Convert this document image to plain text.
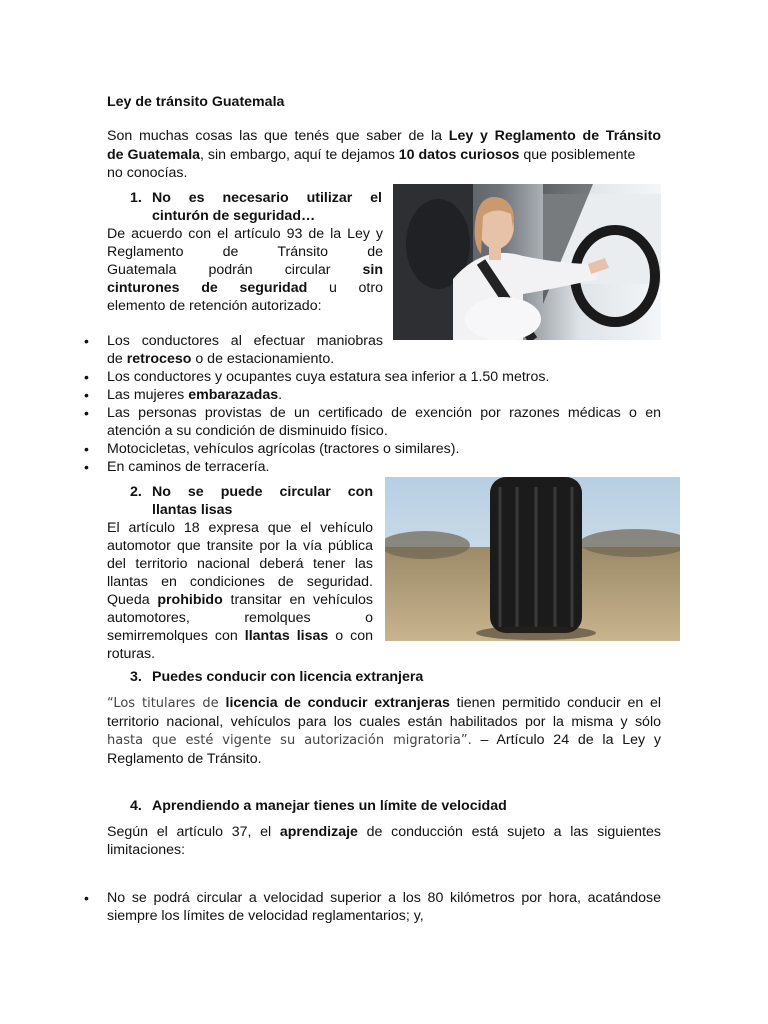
Ley de tránsito Guatemala
Son muchas cosas las que tenés que saber de la Ley y Reglamento de Tránsito
de Guatemala, sin embargo, aquí te dejamos 10 datos curiosos que posiblemente
no conocías.
1. No es necesario utilizar el
cinturón de seguridad…
De acuerdo con el artículo 93 de la Ley y
Reglamento de Tránsito de
Guatemala podrán circular sin
cinturones de seguridad u otro
elemento de retención autorizado:
• Los conductores al efectuar maniobras
de retroceso o de estacionamiento.
• Los conductores y ocupantes cuya estatura sea inferior a 1.50 metros.
• Las mujeres embarazadas.
• Las personas provistas de un certificado de exención por razones médicas o en
atención a su condición de disminuido físico.
• Motocicletas, vehículos agrícolas (tractores o similares).
• En caminos de terracería.
2. No se puede circular con
llantas lisas
El artículo 18 expresa que el vehículo
automotor que transite por la vía pública
del territorio nacional deberá tener las
llantas en condiciones de seguridad.
Queda prohibido transitar en vehículos
automotores, remolques o
semirremolques con llantas lisas o con
roturas.
3. Puedes conducir con licencia extranjera
“Los titulares de licencia de conducir extranjeras tienen permitido conducir en el
territorio nacional, vehículos para los cuales están habilitados por la misma y sólo
hasta que esté vigente su autorización migratoria”. – Artículo 24 de la Ley y
Reglamento de Tránsito.
4. Aprendiendo a manejar tienes un límite de velocidad
Según el artículo 37, el aprendizaje de conducción está sujeto a las siguientes
limitaciones:
• No se podrá circular a velocidad superior a los 80 kilómetros por hora, acatándose
siempre los límites de velocidad reglamentarios; y,
